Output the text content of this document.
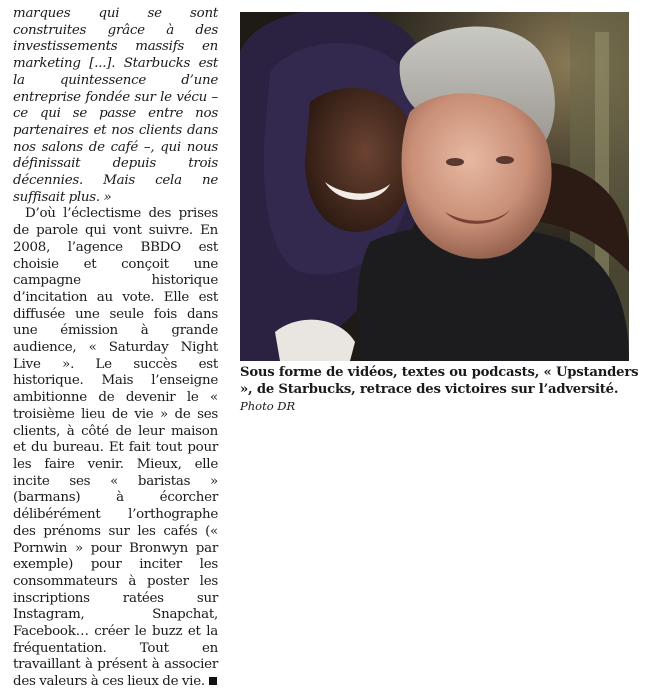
marques qui se sont construites grâce à des investissements massifs en marketing [...]. Starbucks est la quintessence d’une entreprise fondée sur le vécu – ce qui se passe entre nos partenaires et nos clients dans nos salons de café –, qui nous définissait depuis trois décennies. Mais cela ne suffisait plus. »

D’où l’éclectisme des prises de parole qui vont suivre. En 2008, l’agence BBDO est choisie et conçoit une campagne historique d’incitation au vote. Elle est diffusée une seule fois dans une émission à grande audience, « Saturday Night Live ». Le succès est historique. Mais l’enseigne ambitionne de devenir le « troisième lieu de vie » de ses clients, à côté de leur maison et du bureau. Et fait tout pour les faire venir. Mieux, elle incite ses « baristas » (barmans) à écorcher délibérément l’orthographe des prénoms sur les cafés (« Pornwin » pour Bronwyn par exemple) pour inciter les consommateurs à poster les inscriptions ratées sur Instagram, Snapchat, Facebook… créer le buzz et la fréquentation. Tout en travaillant à présent à associer des valeurs à ces lieux de vie.

Sous forme de vidéos, textes ou podcasts, « Upstanders », de Starbucks, retrace des victoires sur l’adversité. Photo DR
